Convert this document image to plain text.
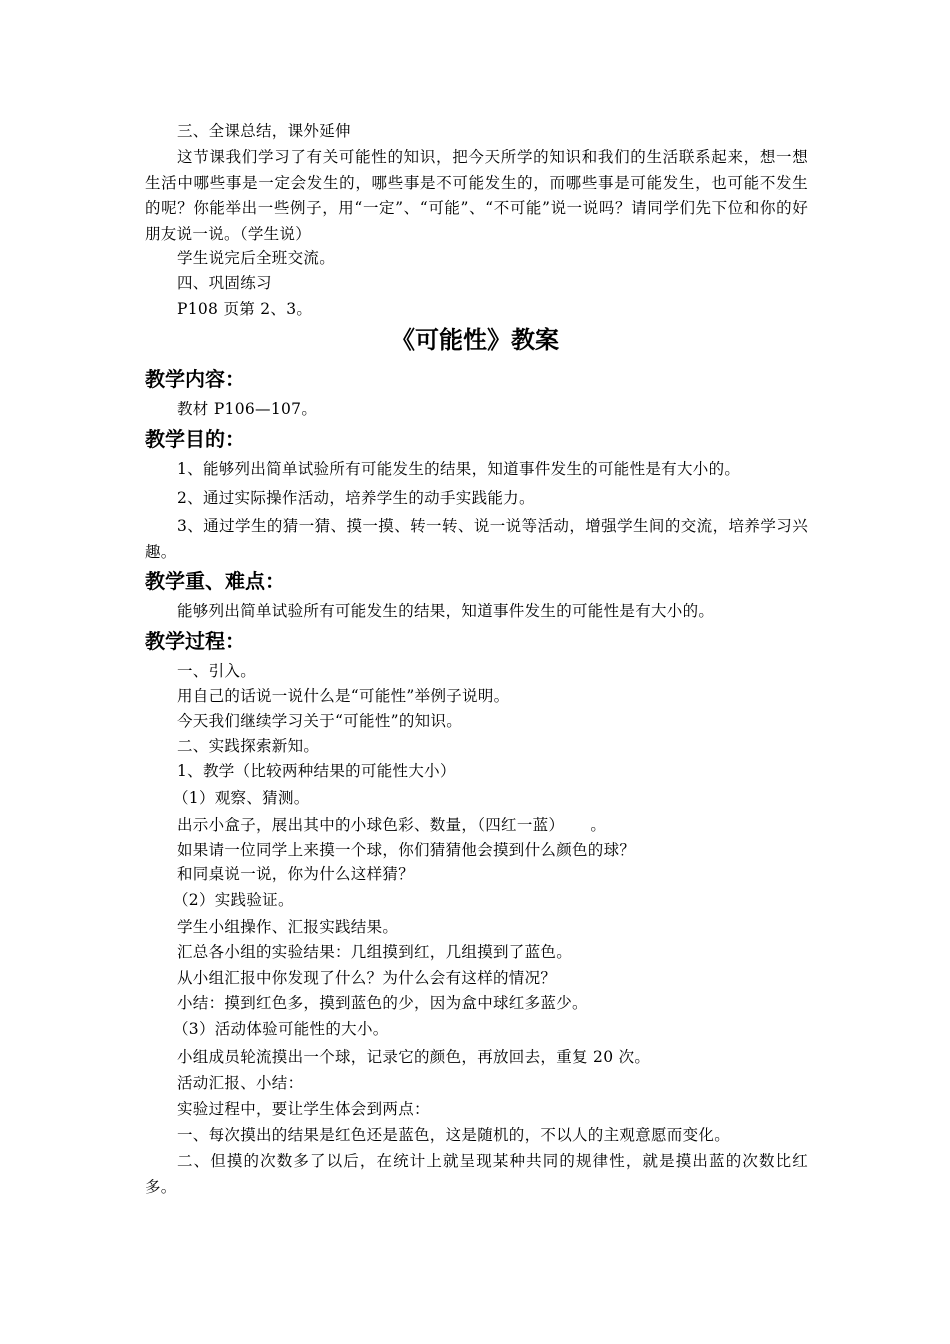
三、全课总结，课外延伸
这节课我们学习了有关可能性的知识，把今天所学的知识和我们的生活联系起来，想一想生活中哪些事是一定会发生的，哪些事是不可能发生的，而哪些事是可能发生，也可能不发生的呢？你能举出一些例子，用“一定”、“可能”、“不可能”说一说吗？请同学们先下位和你的好朋友说一说。（学生说）
学生说完后全班交流。
四、巩固练习
P108 页第 2、3。
《可能性》教案
教学内容：
教材 P106—107。
教学目的：
1、能够列出简单试验所有可能发生的结果，知道事件发生的可能性是有大小的。
2、通过实际操作活动，培养学生的动手实践能力。
3、通过学生的猜一猜、摸一摸、转一转、说一说等活动，增强学生间的交流，培养学习兴趣。
教学重、难点：
能够列出简单试验所有可能发生的结果，知道事件发生的可能性是有大小的。
教学过程：
一、引入。
用自己的话说一说什么是“可能性”举例子说明。
今天我们继续学习关于“可能性”的知识。
二、实践探索新知。
1、教学（比较两种结果的可能性大小）
（1）观察、猜测。
出示小盒子，展出其中的小球色彩、数量，（四红一蓝）     。
如果请一位同学上来摸一个球，你们猜猜他会摸到什么颜色的球？
和同桌说一说，你为什么这样猜？
（2）实践验证。
学生小组操作、汇报实践结果。
汇总各小组的实验结果：几组摸到红，几组摸到了蓝色。
从小组汇报中你发现了什么？为什么会有这样的情况？
小结：摸到红色多，摸到蓝色的少，因为盒中球红多蓝少。
（3）活动体验可能性的大小。
小组成员轮流摸出一个球，记录它的颜色，再放回去，重复 20 次。
活动汇报、小结：
实验过程中，要让学生体会到两点：
一、每次摸出的结果是红色还是蓝色，这是随机的，不以人的主观意愿而变化。
二、但摸的次数多了以后，在统计上就呈现某种共同的规律性，就是摸出蓝的次数比红多。
